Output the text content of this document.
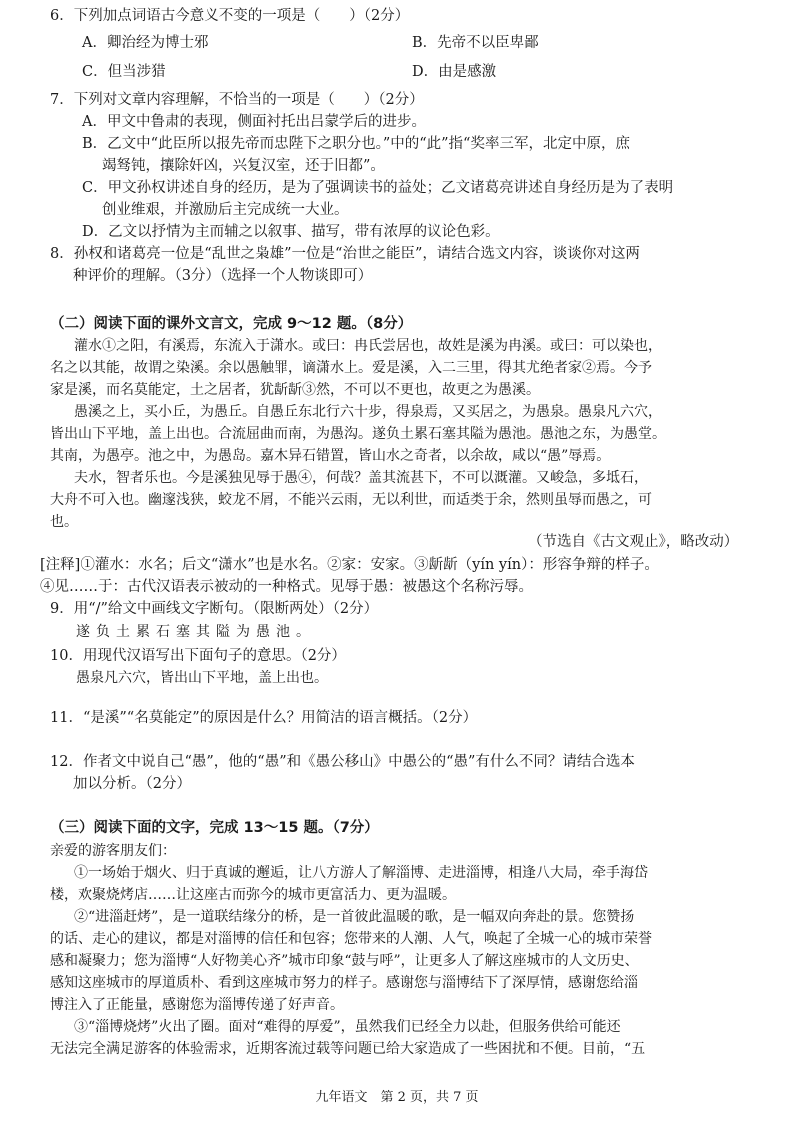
6．下列加点词语古今意义不变的一项是（　　）（2分）
A．卿治经为博士邪	B．先帝不以臣卑鄙
C．但当涉猎	D．由是感激
7．下列对文章内容理解，不恰当的一项是（　　）（2分）
A．甲文中鲁肃的表现，侧面衬托出吕蒙学后的进步。
B．乙文中“此臣所以报先帝而忠陛下之职分也。”中的“此”指“奖率三军，北定中原，庶
竭驽钝，攘除奸凶，兴复汉室，还于旧都”。
C．甲文孙权讲述自身的经历，是为了强调读书的益处；乙文诸葛亮讲述自身经历是为了表明
创业维艰，并激励后主完成统一大业。
D．乙文以抒情为主而辅之以叙事、描写，带有浓厚的议论色彩。
8．孙权和诸葛亮一位是“乱世之枭雄”一位是“治世之能臣”，请结合选文内容，谈谈你对这两
种评价的理解。（3分）（选择一个人物谈即可）
（二）阅读下面的课外文言文，完成 9～12 题。（8分）
灌水①之阳，有溪焉，东流入于潇水。或曰：冉氏尝居也，故姓是溪为冉溪。或曰：可以染也，
名之以其能，故谓之染溪。余以愚触罪，谪潇水上。爱是溪，入二三里，得其尤绝者家②焉。今予
家是溪，而名莫能定，土之居者，犹龂龂③然，不可以不更也，故更之为愚溪。
愚溪之上，买小丘，为愚丘。自愚丘东北行六十步，得泉焉，又买居之，为愚泉。愚泉凡六穴，
皆出山下平地，盖上出也。合流屈曲而南，为愚沟。遂负土累石塞其隘为愚池。愚池之东，为愚堂。
其南，为愚亭。池之中，为愚岛。嘉木异石错置，皆山水之奇者，以余故，咸以“愚”辱焉。
夫水，智者乐也。今是溪独见辱于愚④，何哉？盖其流甚下，不可以溉灌。又峻急，多坻石，
大舟不可入也。幽邃浅狭，蛟龙不屑，不能兴云雨，无以利世，而适类于余，然则虽辱而愚之，可
也。
（节选自《古文观止》，略改动）
[注释]①灌水：水名；后文“潇水”也是水名。②家：安家。③龂龂（yín yín）：形容争辩的样子。
④见……于：古代汉语表示被动的一种格式。见辱于愚：被愚这个名称污辱。
9．用“/”给文中画线文字断句。（限断两处）（2分）
遂负土累石塞其隘为愚池。
10．用现代汉语写出下面句子的意思。（2分）
愚泉凡六穴，皆出山下平地，盖上出也。
11．“是溪”“名莫能定”的原因是什么？用简洁的语言概括。（2分）
12．作者文中说自己“愚”，他的“愚”和《愚公移山》中愚公的“愚”有什么不同？请结合选本
加以分析。（2分）
（三）阅读下面的文字，完成 13～15 题。（7分）
亲爱的游客朋友们：
①一场始于烟火、归于真诚的邂逅，让八方游人了解淄博、走进淄博，相逢八大局，牵手海岱
楼，欢聚烧烤店……让这座古而弥今的城市更富活力、更为温暖。
②“进淄赶烤”，是一道联结缘分的桥，是一首彼此温暖的歌，是一幅双向奔赴的景。您赞扬
的话、走心的建议，都是对淄博的信任和包容；您带来的人潮、人气，唤起了全城一心的城市荣誉
感和凝聚力；您为淄博“人好物美心齐”城市印象“鼓与呼”，让更多人了解这座城市的人文历史、
感知这座城市的厚道质朴、看到这座城市努力的样子。感谢您与淄博结下了深厚情，感谢您给淄
博注入了正能量，感谢您为淄博传递了好声音。
③“淄博烧烤”火出了圈。面对“难得的厚爱”，虽然我们已经全力以赴，但服务供给可能还
无法完全满足游客的体验需求，近期客流过载等问题已给大家造成了一些困扰和不便。目前，“五
九年语文　第 2 页，共 7 页
